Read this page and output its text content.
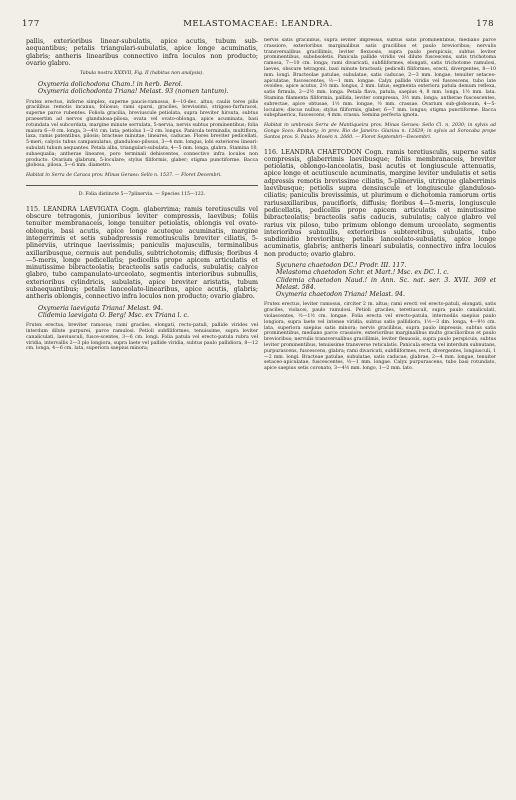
177	MELASTOMACEAE: LEANDRA.	178

pallis, exterioribus linear-subulatis, apice acutis, tubum sub-aequantibus; petalis triangulari-subulatis, apice longe acuminatis, glabris; antheris linearibus connectivo infra loculos non producto; ovario glabro.

Tabula nostra XXXVII, Fig. II (habitus non analysis).

Oxymeria dolichodona Cham.! in herb. Berol.

Oxymeria dolichodonta Triana! Melast. 93 (nomen tantum).

Frutex erectus, inferne simplex, superne paucis-ramosus, 8—10-dec. altus; caulis teres pilis gracilibus remotis incanus, foliosus; rami sparsi, graciles, brevissimi, strigoso-furfuracei, superne parce rubentes. Foliola gracilia, breviuscule petiolata, supra breviter hirsuta, subtus praesertim ad nervos glandulosa-pilosa, ovata vel ovato-oblonga, apice acuminata, basi rotundata vel subcordata, margine minute serrulata, 5-nervia, nervis subtus prominentibus; folia maiora 6—9 cm. longa, 3—4½ cm. lata; petiolus 1—2 cm. longus. Panicula terminalis, multiflora, laxa, ramis patentibus, pilosis; bracteae minutae, lineares, caducae. Flores breviter pedicellati, 5-meri; calycis tubus campanulatus, glanduloso-pilosus, 3—4 mm. longus, lobi exteriores lineari-subulati tubum aequantes. Petala alba, triangulari-subulata, 4—5 mm. longa, glabra. Stamina 10, subaequalia; antherae lineares, poro terminali dehiscentes, connectivo infra loculos non producto. Ovarium glabrum, 5-loculare; stylus filiformis, glaber; stigma punctiforme. Bacca globosa, pilosa, 5—6 mm. diametro.

Habitat in Serra de Caraca prov. Minas Geraes: Sello n. 1537. — Floret Decembri.

D. Folia distincte 5—7plinervia. — Species 115—122.

115. LEANDRA LAEVIGATA Cogn. glaberrima; ramis teretiusculis vel obscure tetragonis, junioribus leviter compressis, laevibus; foliis tenuiter membranaceis, longe tenuiter petiolatis, oblongis vel ovato-oblongis, basi acutis, apice longe acuteque acuminatis, margine integerrimis et setis subadpressis remotiusculis breviter ciliatis, 5-plinerviis, utrinque laevissimis; paniculis majusculis, terminalibus axillaribusque, cernuis aut pendulis, subtrichotomis; diffusis; floribus 4—5-meris, longe pedicellatis; pedicellis prope apicem articulatis et minutissime bibracteolatis; bracteolis satis caducis, subulatis; calyce glabro, tubo campanulato-urceolato, segmentis interioribus subnullis, exterioribus cylindricis, subulatis, apice breviter aristatis, tubum subaequantibus; petalis lanceolato-linearibus, apice acutis, glabris; antheris oblongis, connectivo infra loculos non producto; ovario glabro.

Oxymeria laevigata Triana! Melast. 94.

Clidemia laevigata O. Berg! Msc. ex Triana l. c.

Frutex erectus, breviter ramosus; rami graciles, elongati, recto-patuli, pallide virides vel interdum dilute purpurei, parce ramulosi. Petioli subfiliformes, tenuissime, supra leviter canaliculati, laeviusculi, fusce-scentes, 3—6 cm. longi. Folia patula vel erecto-patula rubra vel viridia, intervallis 2—3 plo longiora, supra laete vel pallide viridia, subtus paulo pallidiora, 8—12 cm. longa, 4—6 cm. lata, superiora saepius minora;

nervis satis gracilibus, supra leviter impressis, subtus satis prominentibus, mediano parce crassiore, exterioribus marginalibus satis gracilibus et paulo brevioribus; nervulis transversalibus gracillimis, leviter flexuosis, supra paulo perspicuis, subtus leviter prominentibus, subobsoletis. Panicula pallide viridis vel dilute fuscescens, satis trichotoma ramosa, 7—10 cm. longa; rami divaricati, subfiliformes, elongati, satis trichotome ramulosi, laeves, obscure tetragoni, basi minute bracteati; pedicelli filiformes, erecti, divergentes, 8—10 mm. longi. Bracteolae patulae, subulatae, satis caducae, 2—3 mm. longae, tenuiter setaceo-apiculatae, fuscescentes, ½—1 mm. longae. Calyx pallide viridis vel fuscescens, tubo late ovoideo, apice acutus, 2½ mm. longus, 2 mm. latus; segmenta exteriora patula demum reflexa, satis firmula, 2—2½ mm. longa. Petala flava, patula, saepius 4, 8 mm. longa, 1½ mm. lata. Stamina filamenta filiformia, pallida, leviter compressa, 3½ mm. longa; antherae fuscescentes, subrectae, apice obtusae, 1½ mm. longae, ½ mm. crassae. Ovarium sub-globosum, 4—5-loculare; discus nullus; stylus filiformis, glaber, 6—7 mm. longus; stigma punctiforme. Bacca subsphaerica, fuscescens, 4 mm. crassa. Semina perfecta ignota.

Habitat in umbrosis Serra de Mantiqueira prov. Minas Geraes: Sello Cl. n. 2030; in sylvis ad Gongo Soco: Bunbury; in prov. Rio de Janeiro: Glaziou n. 12629; in sylvis ad Sorocaba prope Santos prov. S. Paulo: Mosén n. 2660. — Floret Septembri—Decembri.

116. LEANDRA CHAETODON Cogn. ramis teretiusculis, superne satis compressis, glaberrimis laevibusque; foliis membranaceis, breviter petiolatis, oblongo-lanceolatis, basi acutis et longiuscule attenuatis, apice longe et acutiuscule acuminatis, margine leviter undulatis et setis adpressis remotis brevissime ciliatis, 5-plinerviis, utrinque glaberrimis laevibusque; petiolis supra densiuscule et longiuscule glanduloso-ciliatis; paniculis brevissimis, ut plurimum e dichotomia ramorum ortis rariusaxillaribus, pauciflorís, diffusis; floribus 4—5-meris, longiuscule pedicellatis, pedicellis prope apicem articulatis et minutissime bibracteolatis; bracteolis satis caducis, subulatis; calyce glabro vel rarius vix piloso, tubo primum oblongo demum urceolato, segmentis interioribus subnullis, exterioribus subteretibus, subulatis, tubo subdimidio brevioribus; petalis lanceolato-subulatis, apice longe acuminatis, glabris; antheris linearí subulatis, connectivo infra loculos non producto; ovario glabro.

Sycunera chaetodon DC.! Prodr. III. 117.

Melastoma chaetodon Schr. et Mart.! Msc. ex DC. l. c.

Clidemia chaetodon Naud.! in Ann. Sc. nat. ser. 3. XVII. 369 et Melast. 584.

Oxymeria chaetodon Triana! Melast. 94.

Frutex erectus, leviter ramosus, circiter 2 m. altus; rami erecti vel erecto-patuli, elongati, satis graciles, violacei, paulo ramulosi. Petioli graciles, teretiusculi, supra paulo canaliculati, violascentes, ½—1½ cm. longae. Folia erecta vel erecto-patula, internodiis saepius paulo longiora, supra laete vel intense viridia, subtus satis pallidiora, 1½—3 dm. longa, 4—9½ cm. lata, superiora saepius satis minora; nervis gracilibus, supra paulo impressis, subtus satis prominentibus, mediano parce crassiore, exterioribus marginalibus multo gracilioribus et paulo brevioribus; nervulis transversalibus gracillimis, leviter flexuosis, supra paulo perspicuis, subtus leviter prominentibus, tenuissime transverse reticulatis. Panicula erecta vel interdum subnutans, purpurascens, fuscescens, glabra; rami divaricati, subfiliformes, recti, divergentes, longiusculi, 1—2 mm. longi. Bracteae patulae, subulatae, satis caducae, glabrae, 2—4 mm. longae, tenuiter setaceo-apiculatae, fuscescentes, ½—1 mm. longae. Calyx purpurascens, tubo basi rotundato, apice saepius setis coronato, 3—4½ mm. longo, 1—2 mm. lato.
